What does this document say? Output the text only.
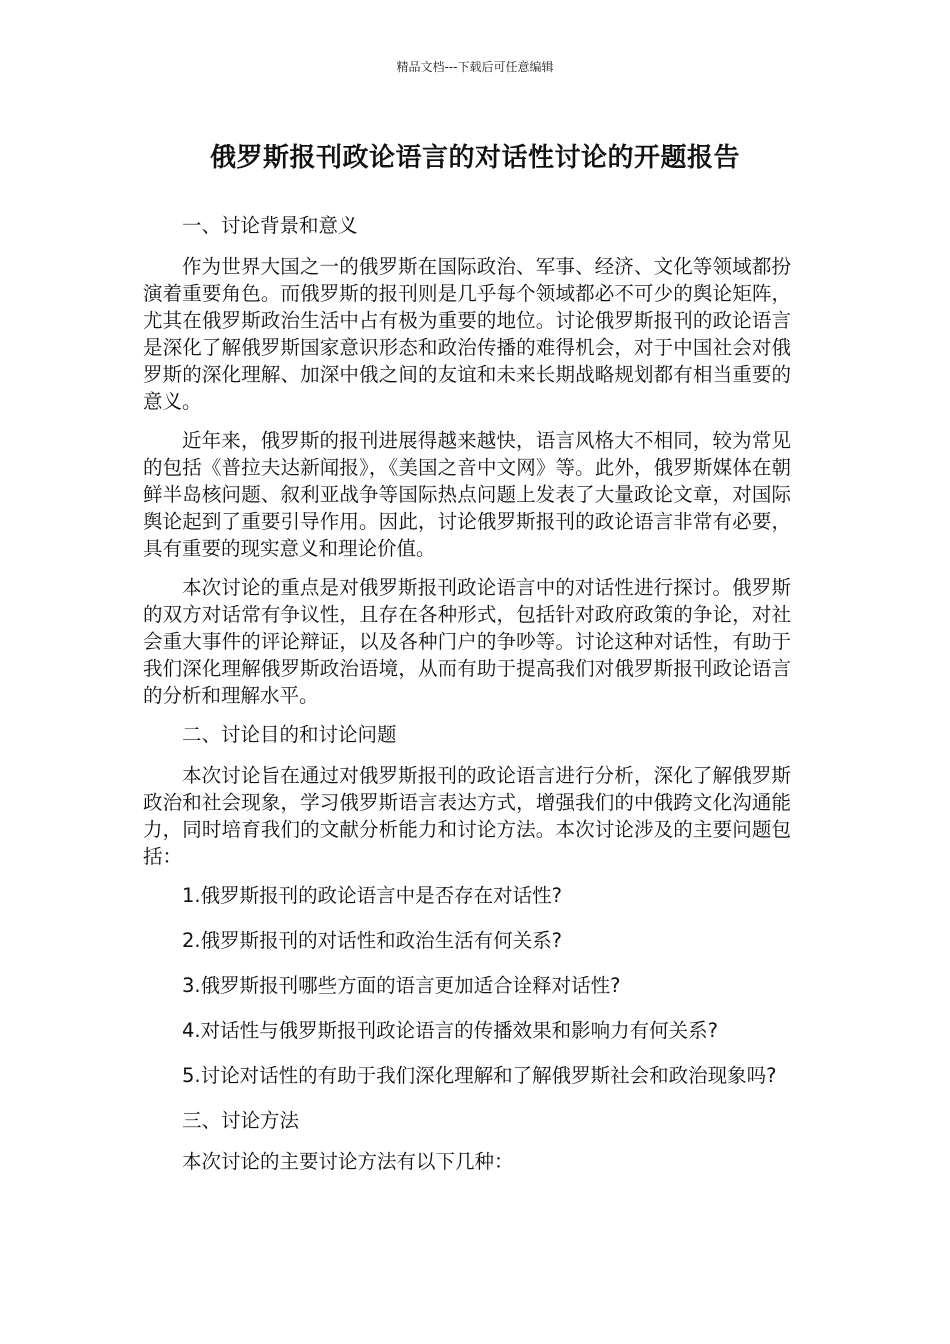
精品文档---下载后可任意编辑
俄罗斯报刊政论语言的对话性讨论的开题报告

一、讨论背景和意义

作为世界大国之一的俄罗斯在国际政治、军事、经济、文化等领域都扮演着重要角色。而俄罗斯的报刊则是几乎每个领域都必不可少的舆论矩阵，尤其在俄罗斯政治生活中占有极为重要的地位。讨论俄罗斯报刊的政论语言是深化了解俄罗斯国家意识形态和政治传播的难得机会，对于中国社会对俄罗斯的深化理解、加深中俄之间的友谊和未来长期战略规划都有相当重要的意义。

近年来，俄罗斯的报刊进展得越来越快，语言风格大不相同，较为常见的包括《普拉夫达新闻报》，《美国之音中文网》等。此外，俄罗斯媒体在朝鲜半岛核问题、叙利亚战争等国际热点问题上发表了大量政论文章，对国际舆论起到了重要引导作用。因此，讨论俄罗斯报刊的政论语言非常有必要，具有重要的现实意义和理论价值。

本次讨论的重点是对俄罗斯报刊政论语言中的对话性进行探讨。俄罗斯的双方对话常有争议性，且存在各种形式，包括针对政府政策的争论，对社会重大事件的评论辩证，以及各种门户的争吵等。讨论这种对话性，有助于我们深化理解俄罗斯政治语境，从而有助于提高我们对俄罗斯报刊政论语言的分析和理解水平。

二、讨论目的和讨论问题

本次讨论旨在通过对俄罗斯报刊的政论语言进行分析，深化了解俄罗斯政治和社会现象，学习俄罗斯语言表达方式，增强我们的中俄跨文化沟通能力，同时培育我们的文献分析能力和讨论方法。本次讨论涉及的主要问题包括：

1.俄罗斯报刊的政论语言中是否存在对话性?

2.俄罗斯报刊的对话性和政治生活有何关系?

3.俄罗斯报刊哪些方面的语言更加适合诠释对话性?

4.对话性与俄罗斯报刊政论语言的传播效果和影响力有何关系?

5.讨论对话性的有助于我们深化理解和了解俄罗斯社会和政治现象吗?

三、讨论方法

本次讨论的主要讨论方法有以下几种：
